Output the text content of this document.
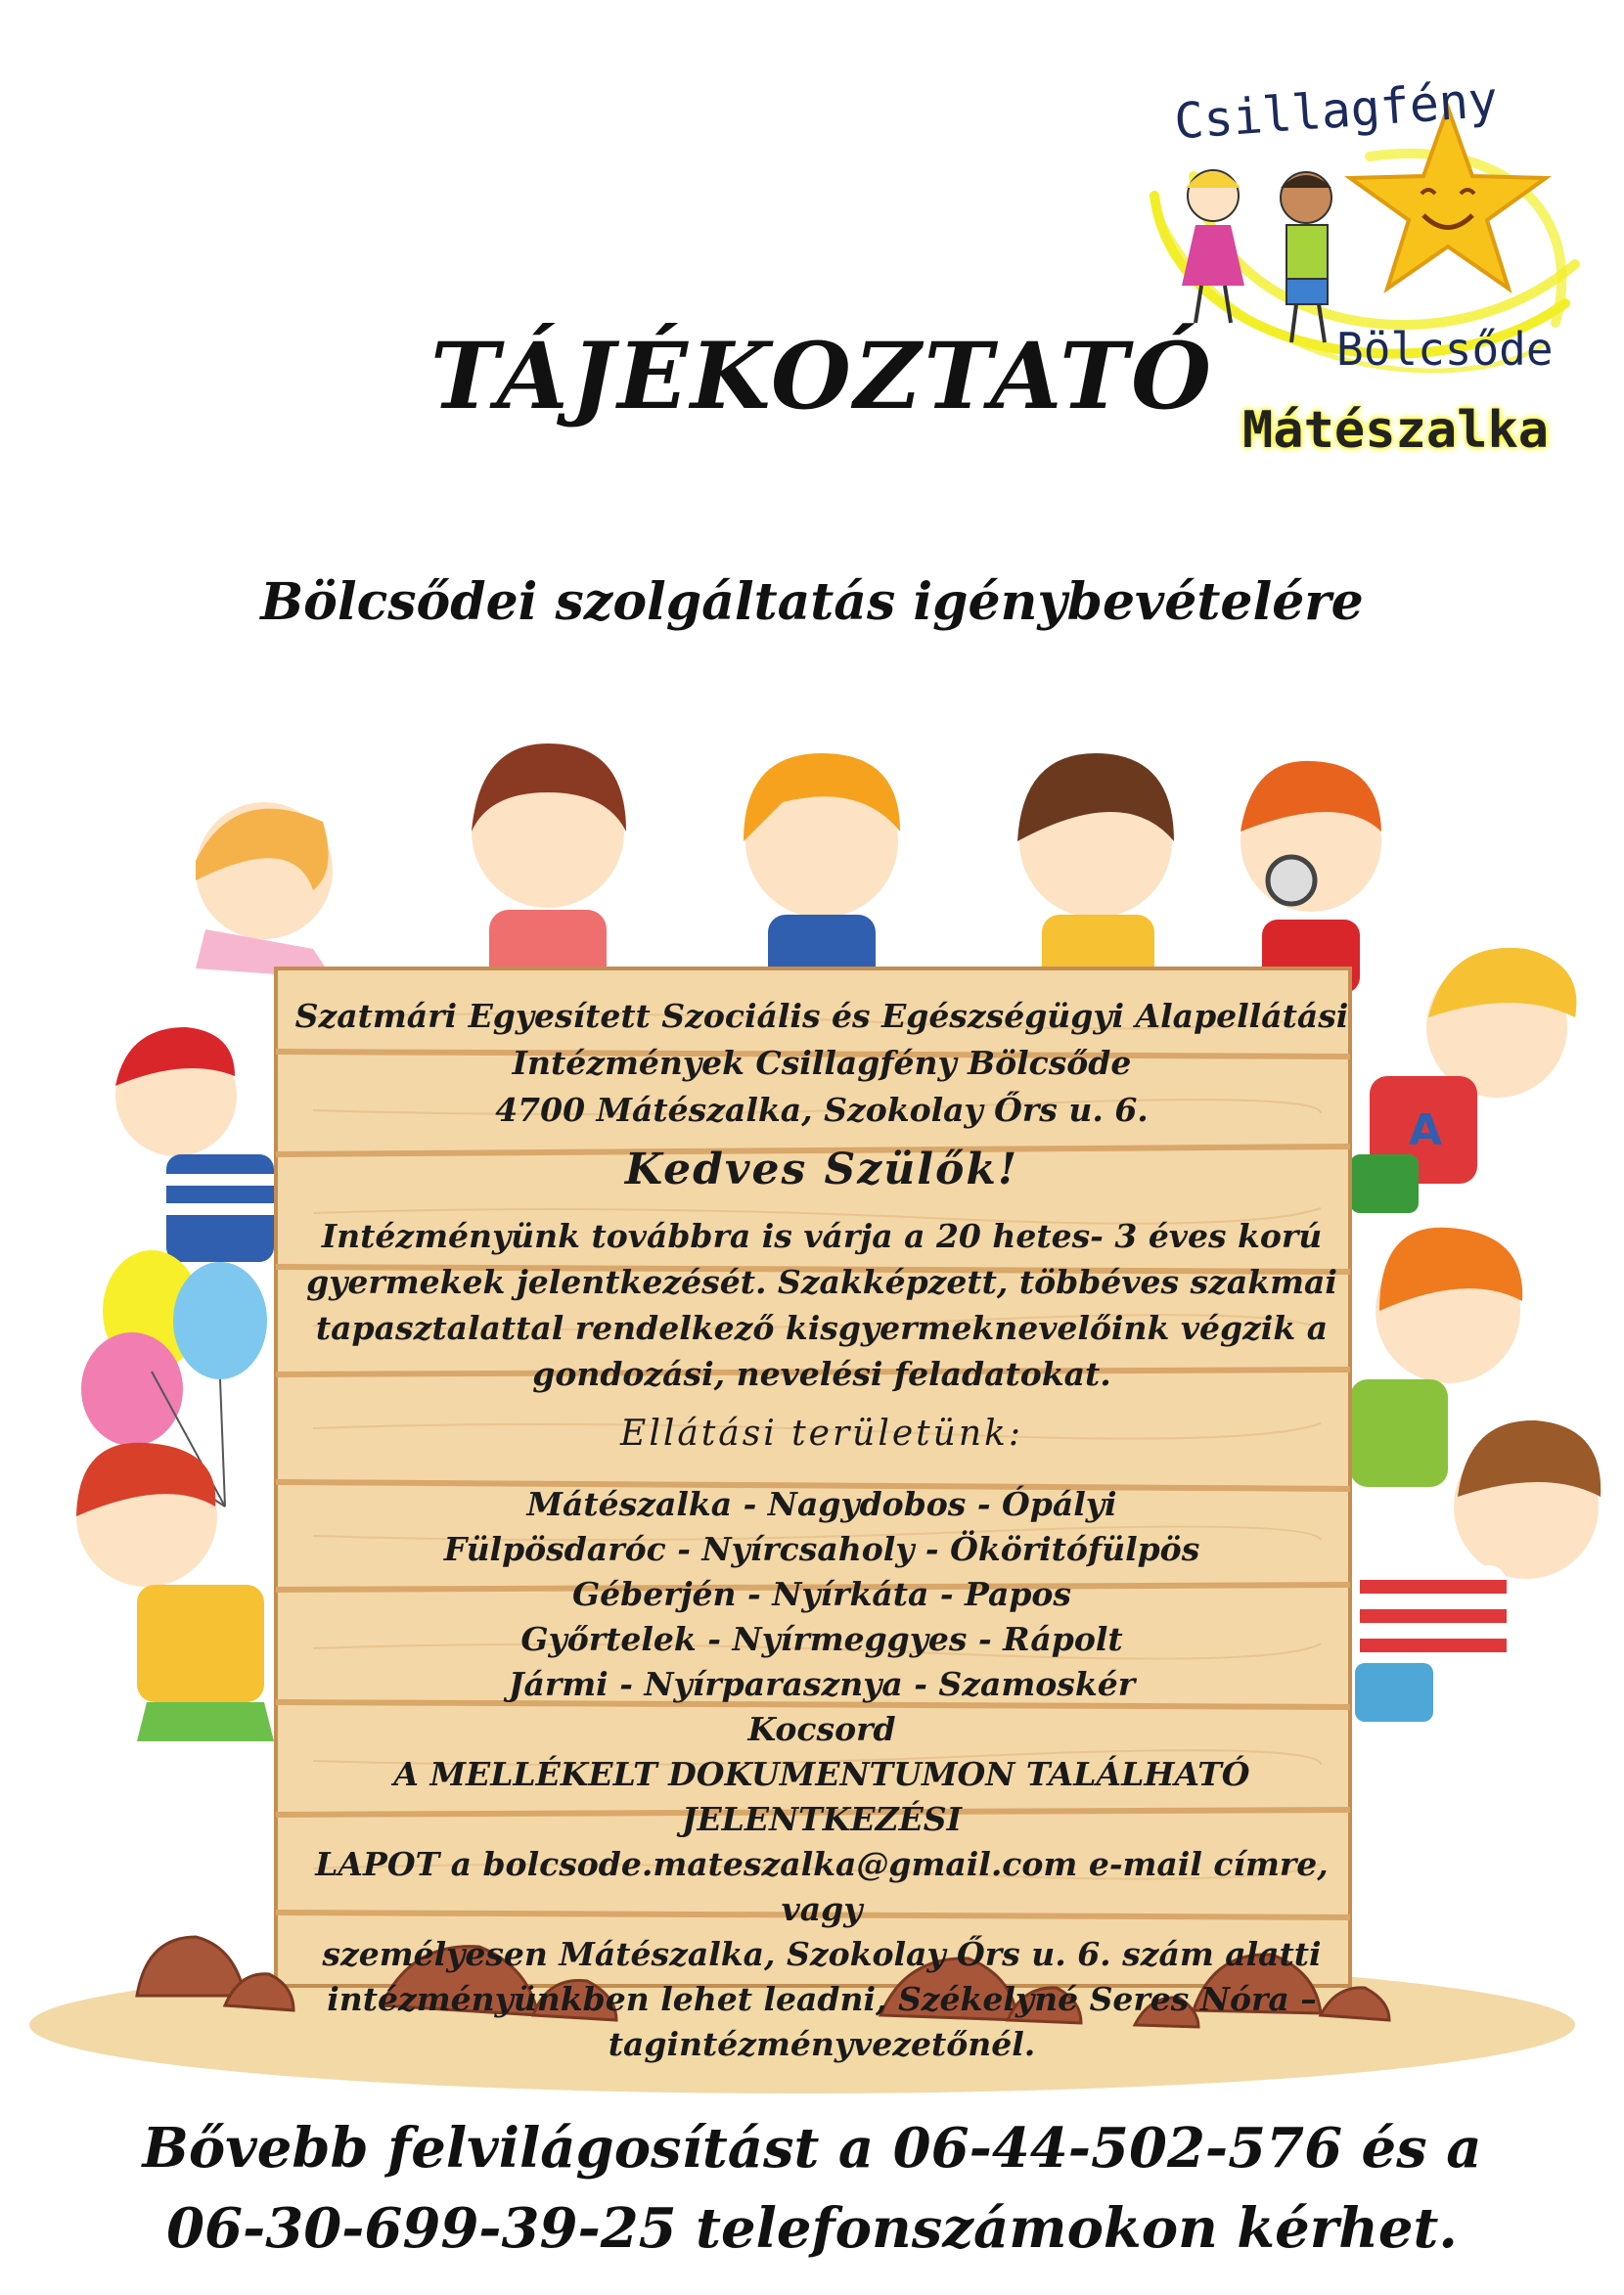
Csillagfény
Bölcsőde
Mátészalka
TÁJÉKOZTATÓ
Bölcsődei szolgáltatás igénybevételére
A
Szatmári Egyesített Szociális és Egészségügyi Alapellátási
Intézmények Csillagfény Bölcsőde
4700 Mátészalka, Szokolay Őrs u. 6.
Kedves Szülők!
Intézményünk továbbra is várja a 20 hetes- 3 éves korú
gyermekek jelentkezését. Szakképzett, többéves szakmai
tapasztalattal rendelkező kisgyermeknevelőink végzik a
gondozási, nevelési feladatokat.
Ellátási területünk:
Mátészalka - Nagydobos - Ópályi
Fülpösdaróc - Nyírcsaholy - Ököritófülpös
Géberjén - Nyírkáta - Papos
Győrtelek - Nyírmeggyes - Rápolt
Jármi - Nyírparasznya - Szamoskér
Kocsord
A MELLÉKELT DOKUMENTUMON TALÁLHATÓ JELENTKEZÉSI
LAPOT a bolcsode.mateszalka@gmail.com e-mail címre, vagy
személyesen Mátészalka, Szokolay Őrs u. 6. szám alatti
intézményünkben lehet leadni, Székelyné Seres Nóra –
tagintézményvezetőnél.
Bővebb felvilágosítást a 06-44-502-576 és a
06-30-699-39-25 telefonszámokon kérhet.
